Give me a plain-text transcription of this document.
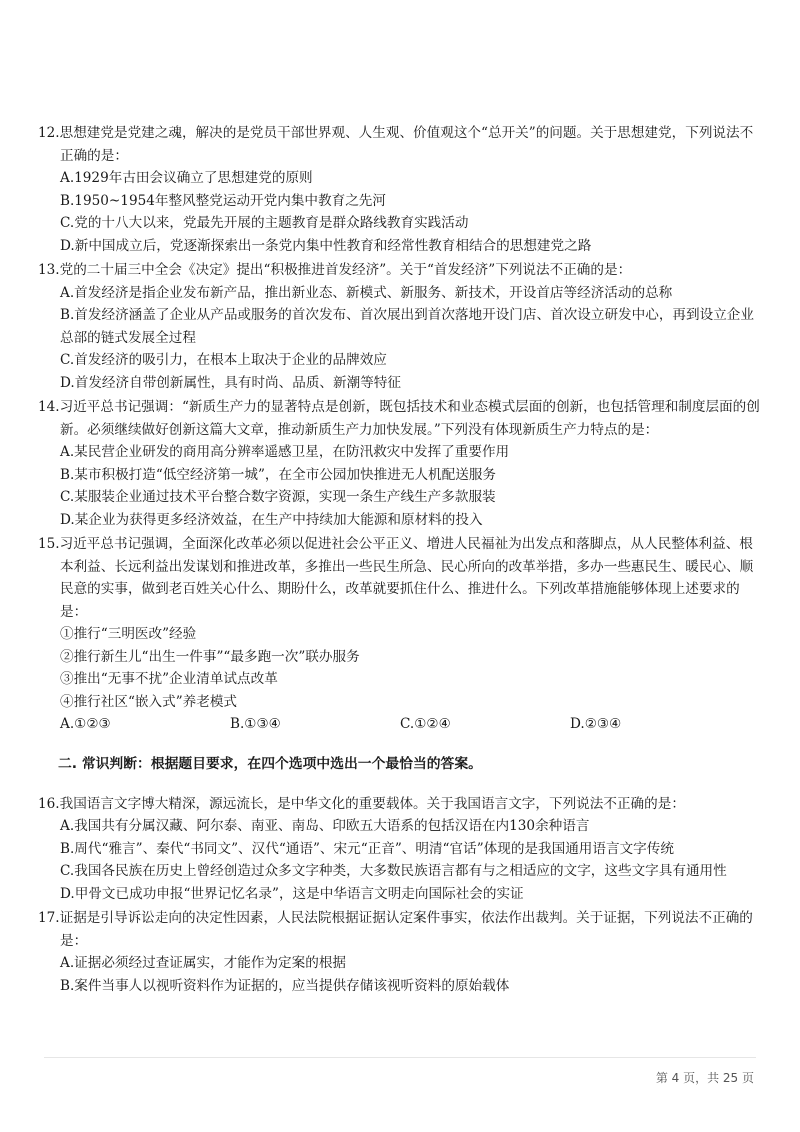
12.思想建党是党建之魂，解决的是党员干部世界观、人生观、价值观这个“总开关”的问题。关于思想建党，下列说法不正确的是：
A.1929年古田会议确立了思想建党的原则
B.1950~1954年整风整党运动开党内集中教育之先河
C.党的十八大以来，党最先开展的主题教育是群众路线教育实践活动
D.新中国成立后，党逐渐探索出一条党内集中性教育和经常性教育相结合的思想建党之路
13.党的二十届三中全会《决定》提出“积极推进首发经济”。关于“首发经济”下列说法不正确的是：
A.首发经济是指企业发布新产品，推出新业态、新模式、新服务、新技术，开设首店等经济活动的总称
B.首发经济涵盖了企业从产品或服务的首次发布、首次展出到首次落地开设门店、首次设立研发中心，再到设立企业总部的链式发展全过程
C.首发经济的吸引力，在根本上取决于企业的品牌效应
D.首发经济自带创新属性，具有时尚、品质、新潮等特征
14.习近平总书记强调：“新质生产力的显著特点是创新，既包括技术和业态模式层面的创新，也包括管理和制度层面的创新。必须继续做好创新这篇大文章，推动新质生产力加快发展。”下列没有体现新质生产力特点的是：
A.某民营企业研发的商用高分辨率遥感卫星，在防汛救灾中发挥了重要作用
B.某市积极打造“低空经济第一城”，在全市公园加快推进无人机配送服务
C.某服装企业通过技术平台整合数字资源，实现一条生产线生产多款服装
D.某企业为获得更多经济效益，在生产中持续加大能源和原材料的投入
15.习近平总书记强调，全面深化改革必须以促进社会公平正义、增进人民福祉为出发点和落脚点，从人民整体利益、根本利益、长远利益出发谋划和推进改革，多推出一些民生所急、民心所向的改革举措，多办一些惠民生、暖民心、顺民意的实事，做到老百姓关心什么、期盼什么，改革就要抓住什么、推进什么。下列改革措施能够体现上述要求的是：
①推行“三明医改”经验
②推行新生儿“出生一件事”“最多跑一次”联办服务
③推出“无事不扰”企业清单试点改革
④推行社区“嵌入式”养老模式
A.①②③	B.①③④	C.①②④	D.②③④
二. 常识判断：根据题目要求，在四个选项中选出一个最恰当的答案。
16.我国语言文字博大精深，源远流长，是中华文化的重要载体。关于我国语言文字，下列说法不正确的是：
A.我国共有分属汉藏、阿尔泰、南亚、南岛、印欧五大语系的包括汉语在内130余种语言
B.周代“雅言”、秦代“书同文”、汉代“通语”、宋元“正音”、明清“官话”体现的是我国通用语言文字传统
C.我国各民族在历史上曾经创造过众多文字种类，大多数民族语言都有与之相适应的文字，这些文字具有通用性
D.甲骨文已成功申报“世界记忆名录”，这是中华语言文明走向国际社会的实证
17.证据是引导诉讼走向的决定性因素，人民法院根据证据认定案件事实，依法作出裁判。关于证据，下列说法不正确的是：
A.证据必须经过查证属实，才能作为定案的根据
B.案件当事人以视听资料作为证据的，应当提供存储该视听资料的原始载体
第 4 页，共 25 页
